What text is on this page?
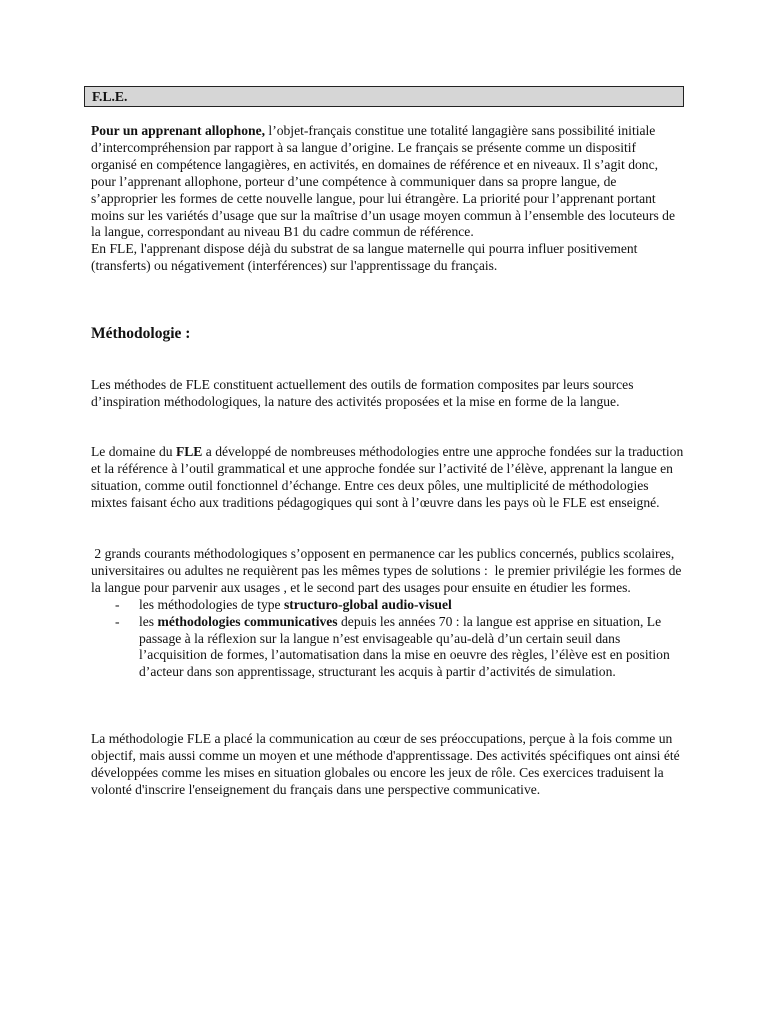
F.L.E.

Pour un apprenant allophone, l’objet-français constitue une totalité langagière sans possibilité initiale d’intercompréhension par rapport à sa langue d’origine. Le français se présente comme un dispositif organisé en compétence langagières, en activités, en domaines de référence et en niveaux. Il s’agit donc, pour l’apprenant allophone, porteur d’une compétence à communiquer dans sa propre langue, de s’approprier les formes de cette nouvelle langue, pour lui étrangère. La priorité pour l’apprenant portant moins sur les variétés d’usage que sur la maîtrise d’un usage moyen commun à l’ensemble des locuteurs de la langue, correspondant au niveau B1 du cadre commun de référence.

En FLE, l'apprenant dispose déjà du substrat de sa langue maternelle qui pourra influer positivement (transferts) ou négativement (interférences) sur l'apprentissage du français.

Méthodologie :

Les méthodes de FLE constituent actuellement des outils de formation composites par leurs sources d’inspiration méthodologiques, la nature des activités proposées et la mise en forme de la langue.

Le domaine du FLE a développé de nombreuses méthodologies entre une approche fondées sur la traduction et la référence à l’outil grammatical et une approche fondée sur l’activité de l’élève, apprenant la langue en situation, comme outil fonctionnel d’échange. Entre ces deux pôles, une multiplicité de méthodologies mixtes faisant écho aux traditions pédagogiques qui sont à l’œuvre dans les pays où le FLE est enseigné.

2 grands courants méthodologiques s’opposent en permanence car les publics concernés, publics scolaires, universitaires ou adultes ne requièrent pas les mêmes types de solutions :  le premier privilégie les formes de la langue pour parvenir aux usages , et le second part des usages pour ensuite en étudier les formes.

- les méthodologies de type structuro-global audio-visuel
- les méthodologies communicatives depuis les années 70 : la langue est apprise en situation, Le passage à la réflexion sur la langue n’est envisageable qu’au-delà d’un certain seuil dans l’acquisition de formes, l’automatisation dans la mise en oeuvre des règles, l’élève est en position d’acteur dans son apprentissage, structurant les acquis à partir d’activités de simulation.

La méthodologie FLE a placé la communication au cœur de ses préoccupations, perçue à la fois comme un objectif, mais aussi comme un moyen et une méthode d'apprentissage. Des activités spécifiques ont ainsi été développées comme les mises en situation globales ou encore les jeux de rôle. Ces exercices traduisent la volonté d'inscrire l'enseignement du français dans une perspective communicative.
